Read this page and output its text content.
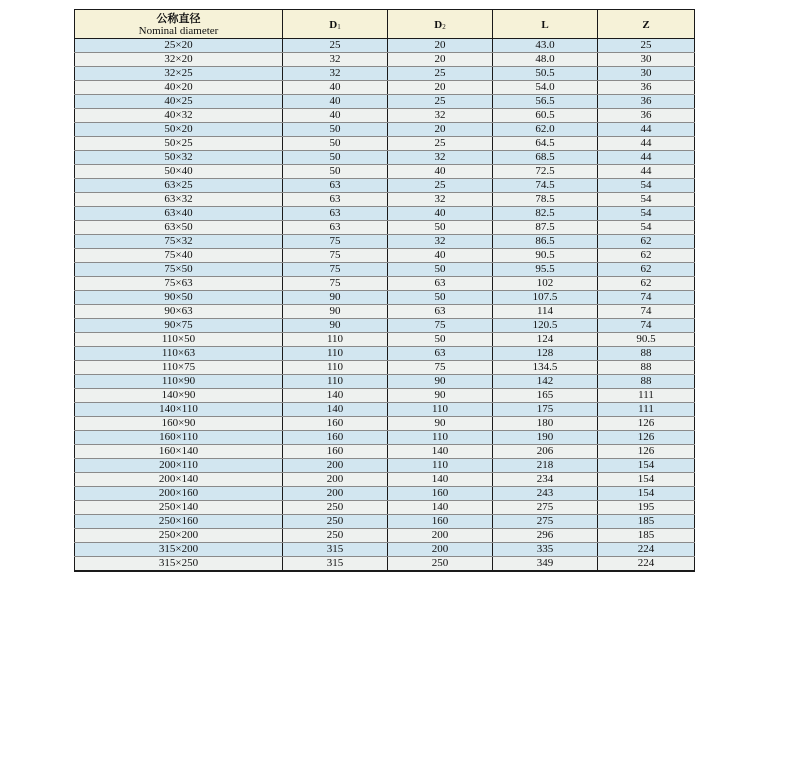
公称直径
Nominal diameter	$D_1$	$D_2$	L	Z
25×20	25	20	43.0	25
32×20	32	20	48.0	30
32×25	32	25	50.5	30
40×20	40	20	54.0	36
40×25	40	25	56.5	36
40×32	40	32	60.5	36
50×20	50	20	62.0	44
50×25	50	25	64.5	44
50×32	50	32	68.5	44
50×40	50	40	72.5	44
63×25	63	25	74.5	54
63×32	63	32	78.5	54
63×40	63	40	82.5	54
63×50	63	50	87.5	54
75×32	75	32	86.5	62
75×40	75	40	90.5	62
75×50	75	50	95.5	62
75×63	75	63	102	62
90×50	90	50	107.5	74
90×63	90	63	114	74
90×75	90	75	120.5	74
110×50	110	50	124	90.5
110×63	110	63	128	88
110×75	110	75	134.5	88
110×90	110	90	142	88
140×90	140	90	165	111
140×110	140	110	175	111
160×90	160	90	180	126
160×110	160	110	190	126
160×140	160	140	206	126
200×110	200	110	218	154
200×140	200	140	234	154
200×160	200	160	243	154
250×140	250	140	275	195
250×160	250	160	275	185
250×200	250	200	296	185
315×200	315	200	335	224
315×250	315	250	349	224
